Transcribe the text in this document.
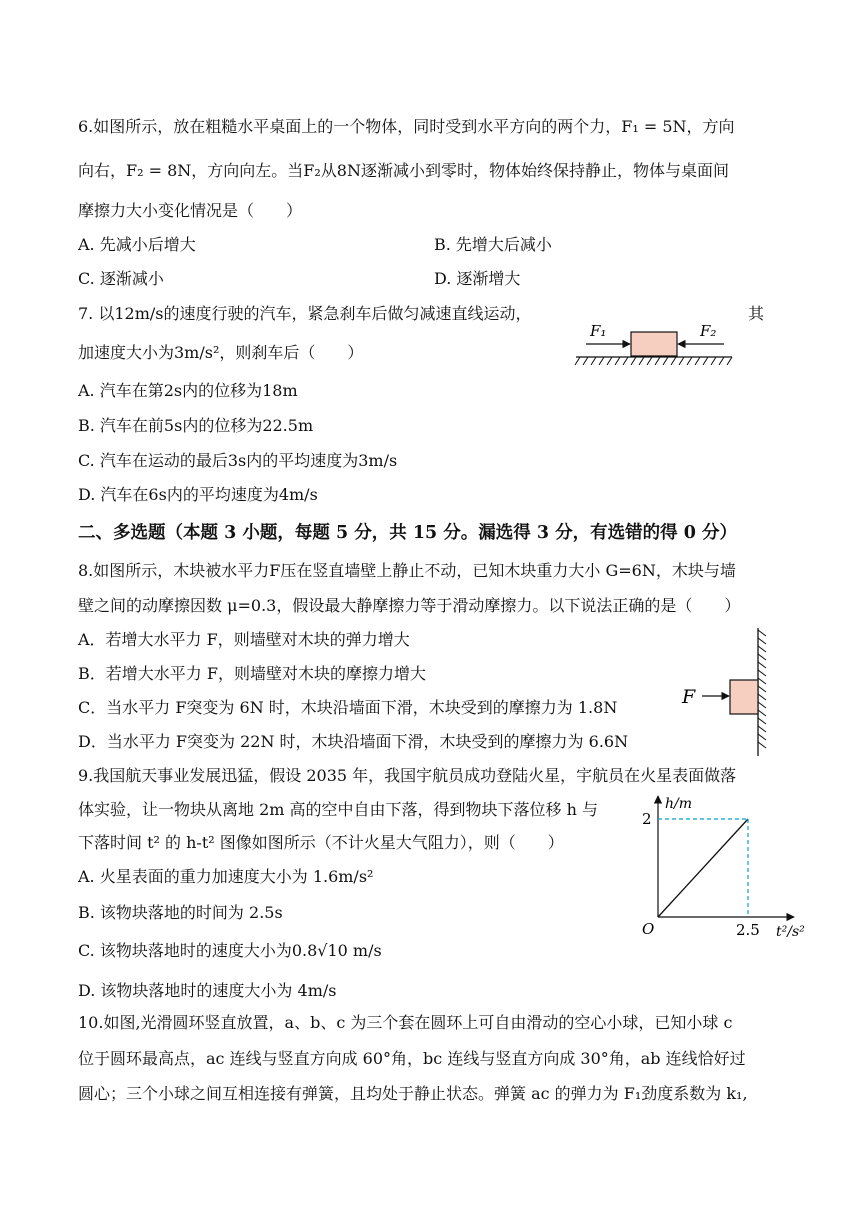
6.如图所示，放在粗糙水平桌面上的一个物体，同时受到水平方向的两个力，F₁ = 5N，方向
向右，F₂ = 8N，方向向左。当F₂从8N逐渐减小到零时，物体始终保持静止，物体与桌面间
摩擦力大小变化情况是（　　）
A. 先减小后增大	B. 先增大后减小
C. 逐渐减小	D. 逐渐增大
7. 以12m/s的速度行驶的汽车，紧急刹车后做匀减速直线运动，	其
加速度大小为3m/s²，则刹车后（　　）
F₁	F₂
A. 汽车在第2s内的位移为18m
B. 汽车在前5s内的位移为22.5m
C. 汽车在运动的最后3s内的平均速度为3m/s
D. 汽车在6s内的平均速度为4m/s
二、多选题（本题 3 小题，每题 5 分，共 15 分。漏选得 3 分，有选错的得 0 分）
8.如图所示，木块被水平力F压在竖直墙壁上静止不动，已知木块重力大小 G=6N，木块与墙
壁之间的动摩擦因数 μ=0.3，假设最大静摩擦力等于滑动摩擦力。以下说法正确的是（　　）
A．若增大水平力 F，则墙壁对木块的弹力增大
B．若增大水平力 F，则墙壁对木块的摩擦力增大
C．当水平力 F突变为 6N 时，木块沿墙面下滑，木块受到的摩擦力为 1.8N
D．当水平力 F突变为 22N 时，木块沿墙面下滑，木块受到的摩擦力为 6.6N
F
9.我国航天事业发展迅猛，假设 2035 年，我国宇航员成功登陆火星，宇航员在火星表面做落
体实验，让一物块从离地 2m 高的空中自由下落，得到物块下落位移 h 与
下落时间 t² 的 h-t² 图像如图所示（不计火星大气阻力），则（　　）
A. 火星表面的重力加速度大小为 1.6m/s²
B. 该物块落地的时间为 2.5s
C. 该物块落地时的速度大小为0.8√10 m/s
D. 该物块落地时的速度大小为 4m/s
h/m
t²/s²
O
2
2.5
10.如图,光滑圆环竖直放置，a、b、c 为三个套在圆环上可自由滑动的空心小球，已知小球 c
位于圆环最高点，ac 连线与竖直方向成 60°角，bc 连线与竖直方向成 30°角，ab 连线恰好过
圆心；三个小球之间互相连接有弹簧，且均处于静止状态。弹簧 ac 的弹力为 F₁劲度系数为 k₁,
